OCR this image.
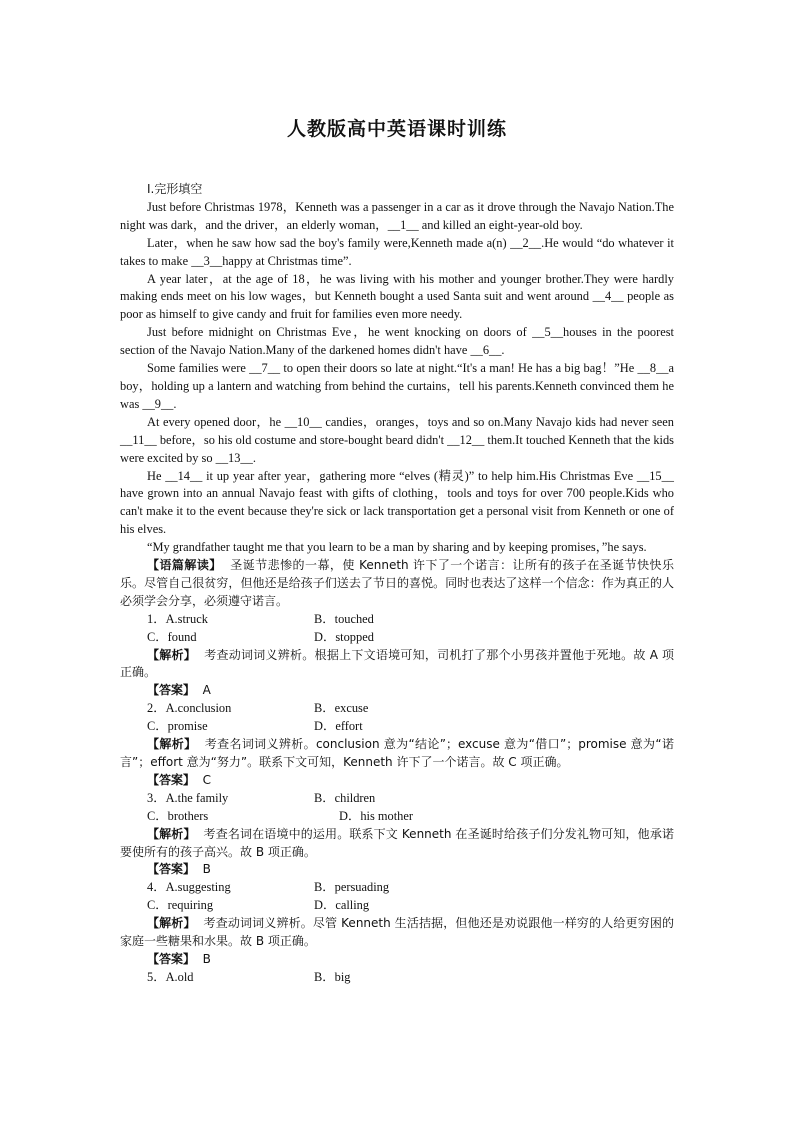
人教版高中英语课时训练

Ⅰ.完形填空

Just before Christmas 1978，Kenneth was a passenger in a car as it drove through the Navajo Nation.The night was dark，and the driver，an elderly woman，__1__ and killed an eight-year-old boy.

Later，when he saw how sad the boy's family were,Kenneth made a(n) __2__.He would “do whatever it takes to make __3__happy at Christmas time”.

A year later，at the age of 18，he was living with his mother and younger brother.They were hardly making ends meet on his low wages，but Kenneth bought a used Santa suit and went around __4__ people as poor as himself to give candy and fruit for families even more needy.

Just before midnight on Christmas Eve，he went knocking on doors of __5__houses in the poorest section of the Navajo Nation.Many of the darkened homes didn't have __6__.

Some families were __7__ to open their doors so late at night.“It's a man! He has a big bag！”He __8__a boy，holding up a lantern and watching from behind the curtains，tell his parents.Kenneth convinced them he was __9__.

At every opened door，he __10__ candies，oranges，toys and so on.Many Navajo kids had never seen __11__ before，so his old costume and store-bought beard didn't __12__ them.It touched Kenneth that the kids were excited by so __13__.

He __14__ it up year after year，gathering more “elves (精灵)” to help him.His Christmas Eve __15__ have grown into an annual Navajo feast with gifts of clothing，tools and toys for over 700 people.Kids who can't make it to the event because they're sick or lack transportation get a personal visit from Kenneth or one of his elves.

“My grandfather taught me that you learn to be a man by sharing and by keeping promises，”he says.

【语篇解读】 圣诞节悲惨的一幕，使 Kenneth 许下了一个诺言：让所有的孩子在圣诞节快快乐乐。尽管自己很贫穷，但他还是给孩子们送去了节日的喜悦。同时也表达了这样一个信念：作为真正的人必须学会分享，必须遵守诺言。

1．A.struck	B．touched
C．found	D．stopped

【解析】 考查动词词义辨析。根据上下文语境可知，司机打了那个小男孩并置他于死地。故 A 项正确。

【答案】 A

2．A.conclusion	B．excuse
C．promise	D．effort

【解析】 考查名词词义辨析。conclusion 意为“结论”；excuse 意为“借口”；promise 意为“诺言”；effort 意为“努力”。联系下文可知，Kenneth 许下了一个诺言。故 C 项正确。

【答案】 C

3．A.the family	B．children
C．brothers	D．his mother

【解析】 考查名词在语境中的运用。联系下文 Kenneth 在圣诞时给孩子们分发礼物可知，他承诺要使所有的孩子高兴。故 B 项正确。

【答案】 B

4．A.suggesting	B．persuading
C．requiring	D．calling

【解析】 考查动词词义辨析。尽管 Kenneth 生活拮据，但他还是劝说跟他一样穷的人给更穷困的家庭一些糖果和水果。故 B 项正确。

【答案】 B

5．A.old	B．big
